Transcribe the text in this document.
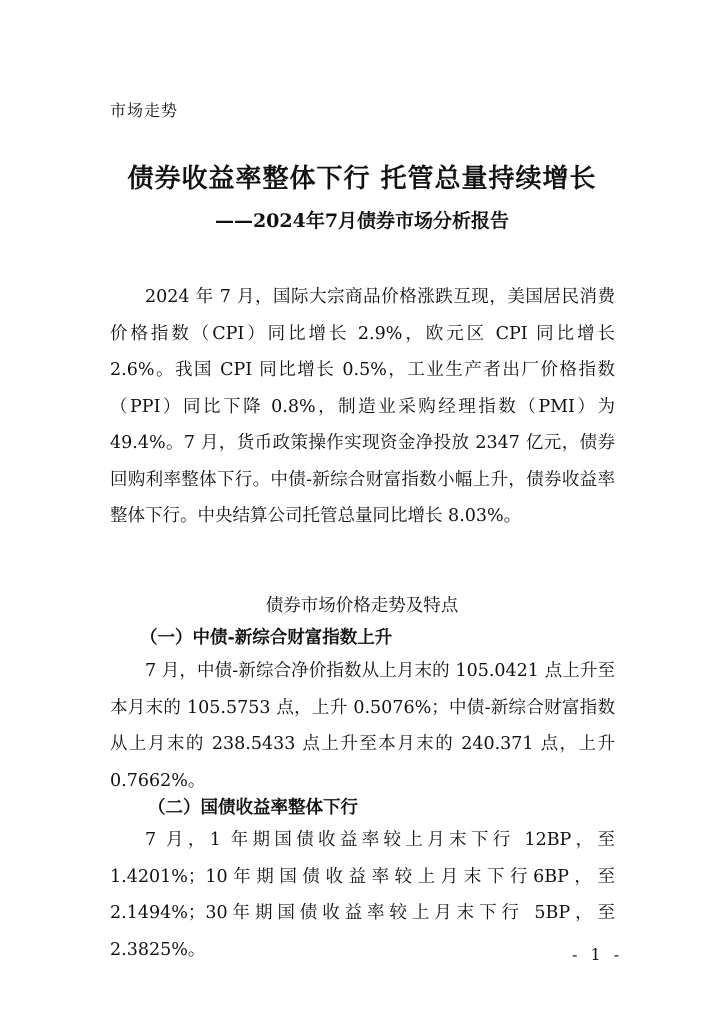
市场走势
债券收益率整体下行 托管总量持续增长
——2024年7月债券市场分析报告

2024 年 7 月，国际大宗商品价格涨跌互现，美国居民消费价格指数（CPI）同比增长 2.9%，欧元区 CPI 同比增长 2.6%。我国 CPI 同比增长 0.5%，工业生产者出厂价格指数（PPI）同比下降 0.8%，制造业采购经理指数（PMI）为 49.4%。7 月，货币政策操作实现资金净投放 2347 亿元，债券回购利率整体下行。中债-新综合财富指数小幅上升，债券收益率整体下行。中央结算公司托管总量同比增长 8.03%。

债券市场价格走势及特点
（一）中债-新综合财富指数上升

7 月，中债-新综合净价指数从上月末的 105.0421 点上升至本月末的 105.5753 点，上升 0.5076%；中债-新综合财富指数从上月末的 238.5433 点上升至本月末的 240.371 点，上升 0.7662%。

（二）国债收益率整体下行

7 月，1 年期国债收益率较上月末下行 12BP，至 1.4201%；10年期国债收益率较上月末下行6BP，至2.1494%；30年期国债收益率较上月末下行 5BP，至 2.3825%。	- 1 -
